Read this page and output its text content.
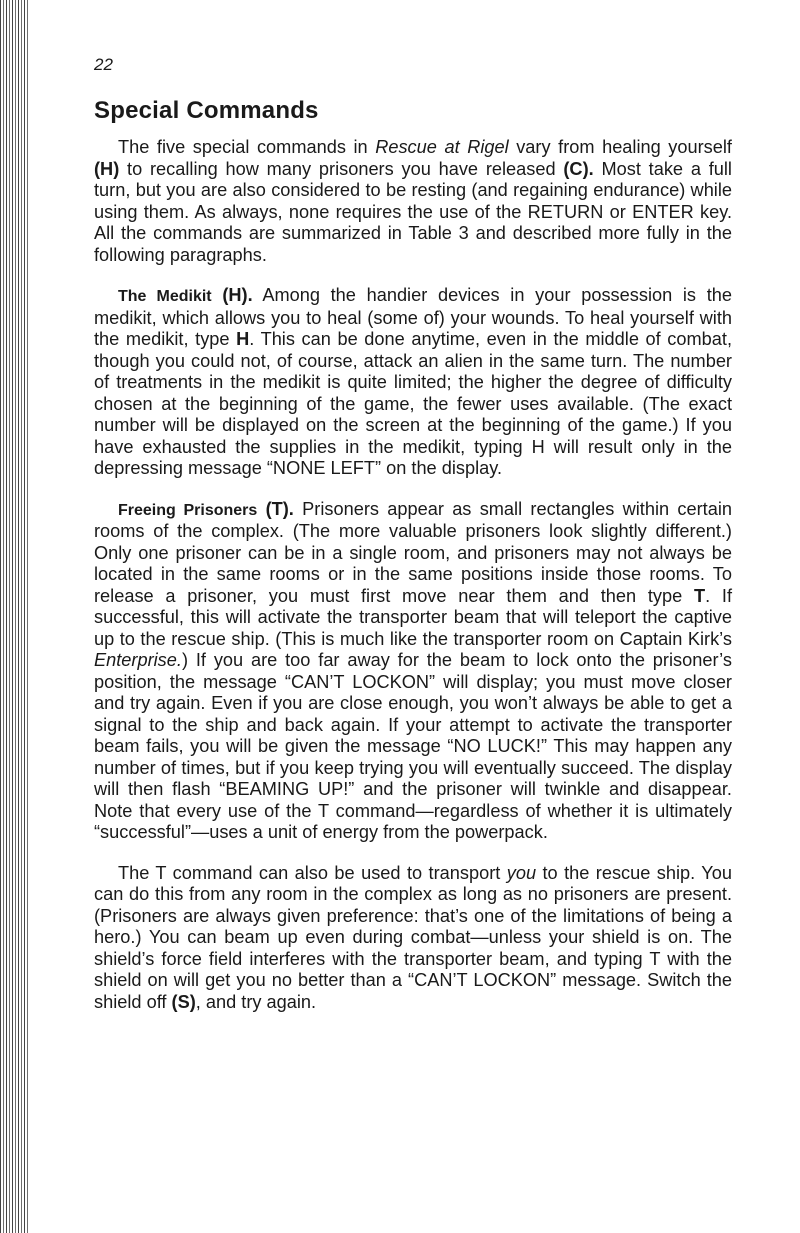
22
Special Commands

The five special commands in Rescue at Rigel vary from healing yourself (H) to recalling how many prisoners you have released (C). Most take a full turn, but you are also considered to be resting (and regaining endurance) while using them. As always, none requires the use of the RETURN or ENTER key. All the commands are summarized in Table 3 and described more fully in the following paragraphs.

The Medikit (H). Among the handier devices in your possession is the medikit, which allows you to heal (some of) your wounds. To heal yourself with the medikit, type H. This can be done anytime, even in the middle of combat, though you could not, of course, attack an alien in the same turn. The number of treatments in the medikit is quite limited; the higher the degree of difficulty chosen at the beginning of the game, the fewer uses available. (The exact number will be displayed on the screen at the beginning of the game.) If you have exhausted the supplies in the medikit, typing H will result only in the depressing message “NONE LEFT” on the display.

Freeing Prisoners (T). Prisoners appear as small rectangles within certain rooms of the complex. (The more valuable prisoners look slightly different.) Only one prisoner can be in a single room, and prisoners may not always be located in the same rooms or in the same positions inside those rooms. To release a prisoner, you must first move near them and then type T. If successful, this will activate the transporter beam that will teleport the captive up to the rescue ship. (This is much like the transporter room on Captain Kirk’s Enterprise.) If you are too far away for the beam to lock onto the prisoner’s position, the message “CAN’T LOCKON” will display; you must move closer and try again. Even if you are close enough, you won’t always be able to get a signal to the ship and back again. If your attempt to activate the transporter beam fails, you will be given the message “NO LUCK!” This may happen any number of times, but if you keep trying you will eventually succeed. The display will then flash “BEAMING UP!” and the prisoner will twinkle and disappear. Note that every use of the T command—regardless of whether it is ultimately “successful”—uses a unit of energy from the powerpack.

The T command can also be used to transport you to the rescue ship. You can do this from any room in the complex as long as no prisoners are present. (Prisoners are always given preference: that’s one of the limitations of being a hero.) You can beam up even during combat—unless your shield is on. The shield’s force field interferes with the transporter beam, and typing T with the shield on will get you no better than a “CAN’T LOCKON” message. Switch the shield off (S), and try again.
